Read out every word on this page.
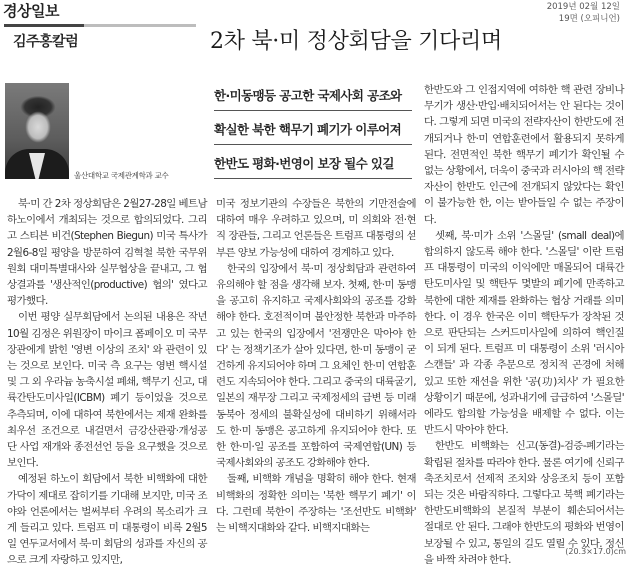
경상일보
김주홍칼럼
2019년 02월 12일
19면 (오피니언)
2차 북·미 정상회담을 기다리며
울산대학교 국제관계학과 교수
한·미동맹등 공고한 국제사회 공조와
확실한 북한 핵무기 폐기가 이루어져
한반도 평화·번영이 보장 될수 있길

북·미 간 2차 정상회담은 2월27-28일 베트남 하노이에서 개최되는 것으로 합의되었다. 그리고 스티븐 비건(Stephen Biegun) 미국 특사가 2월6-8일 평양을 방문하여 김혁철 북한 국무위원회 대미특별대사와 실무협상을 끝내고, 그 협상결과를 '생산적인(productive) 협의' 였다고 평가했다.

이번 평양 실무회담에서 논의된 내용은 작년 10월 김정은 위원장이 마이크 폼페이오 미 국무장관에게 밝힌 '영변 이상의 조치' 와 관련이 있는 것으로 보인다. 미국 측 요구는 영변 핵시설 및 그 외 우라늄 농축시설 폐쇄, 핵무기 신고, 대륙간탄도미사일(ICBM) 폐기 등이었을 것으로 추측되며, 이에 대하여 북한에서는 제재 완화를 최우선 조건으로 내걸면서 금강산관광·개성공단 사업 재개와 종전선언 등을 요구했을 것으로 보인다.

예정된 하노이 회담에서 북한 비핵화에 대한 가닥이 제대로 잡히기를 기대해 보지만, 미국 조야와 언론에서는 벌써부터 우려의 목소리가 크게 들리고 있다. 트럼프 미 대통령이 비록 2월5일 연두교서에서 북·미 회담의 성과를 자신의 공으로 크게 자랑하고 있지만,

미국 정보기관의 수장들은 북한의 기만전술에 대하여 매우 우려하고 있으며, 미 의회와 전·현직 장관들, 그리고 언론들은 트럼프 대통령의 섣부른 양보 가능성에 대하여 경계하고 있다.

한국의 입장에서 북·미 정상회담과 관련하여 유의해야 할 점을 생각해 보자. 첫째, 한·미 동맹을 공고히 유지하고 국제사회와의 공조를 강화해야 한다. 호전적이며 불안정한 북한과 마주하고 있는 한국의 입장에서 '전쟁만은 막아야 한다' 는 정책기조가 살아 있다면, 한·미 동맹이 굳건하게 유지되어야 하며 그 요체인 한·미 연합훈련도 지속되어야 한다. 그리고 중국의 대륙굴기, 일본의 재무장 그리고 국제정세의 급변 등 미래 동북아 정세의 불확실성에 대비하기 위해서라도 한·미 동맹은 공고하게 유지되어야 한다. 또한 한·미·일 공조를 포함하여 국제연합(UN) 등 국제사회와의 공조도 강화해야 한다.

둘째, 비핵화 개념을 명확히 해야 한다. 현재 비핵화의 정확한 의미는 '북한 핵무기 폐기' 이다. 그런데 북한이 주장하는 '조선반도 비핵화' 는 비핵지대화와 같다. 비핵지대화는

한반도와 그 인접지역에 여하한 핵 관련 장비나 무기가 생산·반입·배치되어서는 안 된다는 것이다. 그렇게 되면 미국의 전략자산이 한반도에 전개되거나 한·미 연합훈련에서 활용되지 못하게 된다. 전면적인 북한 핵무기 폐기가 확인될 수 없는 상황에서, 더욱이 중국과 러시아의 핵 전략자산이 한반도 인근에 전개되지 않았다는 확인이 불가능한 한, 이는 받아들일 수 없는 주장이다.

셋째, 북·미가 소위 '스몰딜' (small deal)에 합의하지 않도록 해야 한다. '스몰딜' 이란 트럼프 대통령이 미국의 이익에만 매몰되어 대륙간탄도미사일 및 핵탄두 몇발의 폐기에 만족하고 북한에 대한 제재를 완화하는 협상 거래를 의미한다. 이 경우 한국은 이미 핵탄두가 장착된 것으로 판단되는 스커드미사일에 의하여 핵인질이 되게 된다. 트럼프 미 대통령이 소위 '러시아 스캔들' 과 각종 추문으로 정치적 곤경에 처해 있고 또한 재선을 위한 '공(功)치사' 가 필요한 상황이기 때문에, 성과내기에 급급하여 '스몰딜' 에라도 합의할 가능성을 배제할 수 없다. 이는 반드시 막아야 한다.

한반도 비핵화는 신고(동결)-검증-폐기라는 확립된 절차를 따라야 한다. 물론 여기에 신뢰구축조치로서 선제적 조치와 상응조치 등이 포함되는 것은 바람직하다. 그렇다고 북핵 폐기라는 한반도비핵화의 본질적 부분이 훼손되어서는 절대로 안 된다. 그래야 한반도의 평화와 번영이 보장될 수 있고, 통일의 길도 열릴 수 있다. 정신을 바짝 차려야 한다.

(20.3×17.0)cm
